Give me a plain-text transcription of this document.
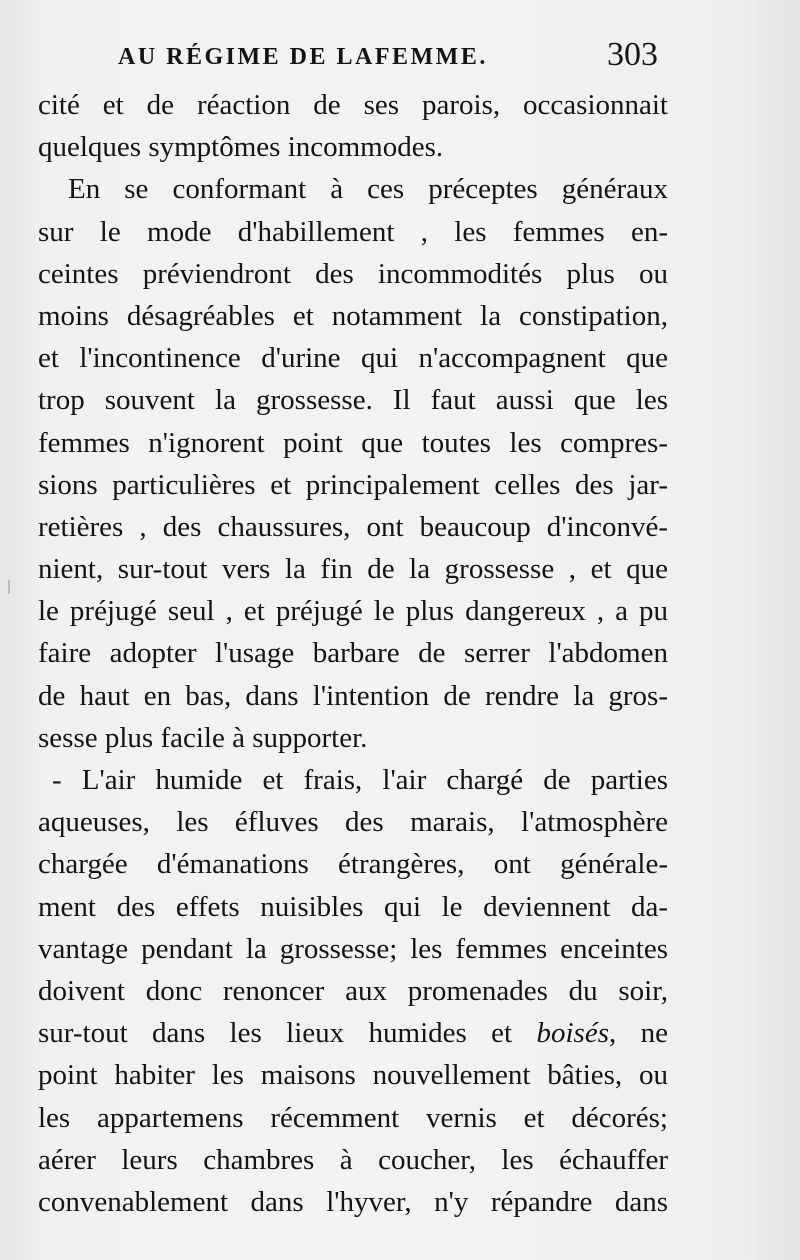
AU RÉGIME DE LAFEMME.	303
cité et de réaction de ses parois, occasionnait
quelques symptômes incommodes.
En se conformant à ces préceptes généraux
sur le mode d'habillement , les femmes en-
ceintes préviendront des incommodités plus ou
moins désagréables et notamment la constipation,
et l'incontinence d'urine qui n'accompagnent que
trop souvent la grossesse. Il faut aussi que les
femmes n'ignorent point que toutes les compres-
sions particulières et principalement celles des jar-
retières , des chaussures, ont beaucoup d'inconvé-
nient, sur-tout vers la fin de la grossesse , et que
le préjugé seul , et préjugé le plus dangereux , a pu
faire adopter l'usage barbare de serrer l'abdomen
de haut en bas, dans l'intention de rendre la gros-
sesse plus facile à supporter.
- L'air humide et frais, l'air chargé de parties
aqueuses, les éfluves des marais, l'atmosphère
chargée d'émanations étrangères, ont générale-
ment des effets nuisibles qui le deviennent da-
vantage pendant la grossesse; les femmes enceintes
doivent donc renoncer aux promenades du soir,
sur-tout dans les lieux humides et boisés, ne
point habiter les maisons nouvellement bâties, ou
les appartemens récemment vernis et décorés;
aérer leurs chambres à coucher, les échauffer
convenablement dans l'hyver, n'y répandre dans
